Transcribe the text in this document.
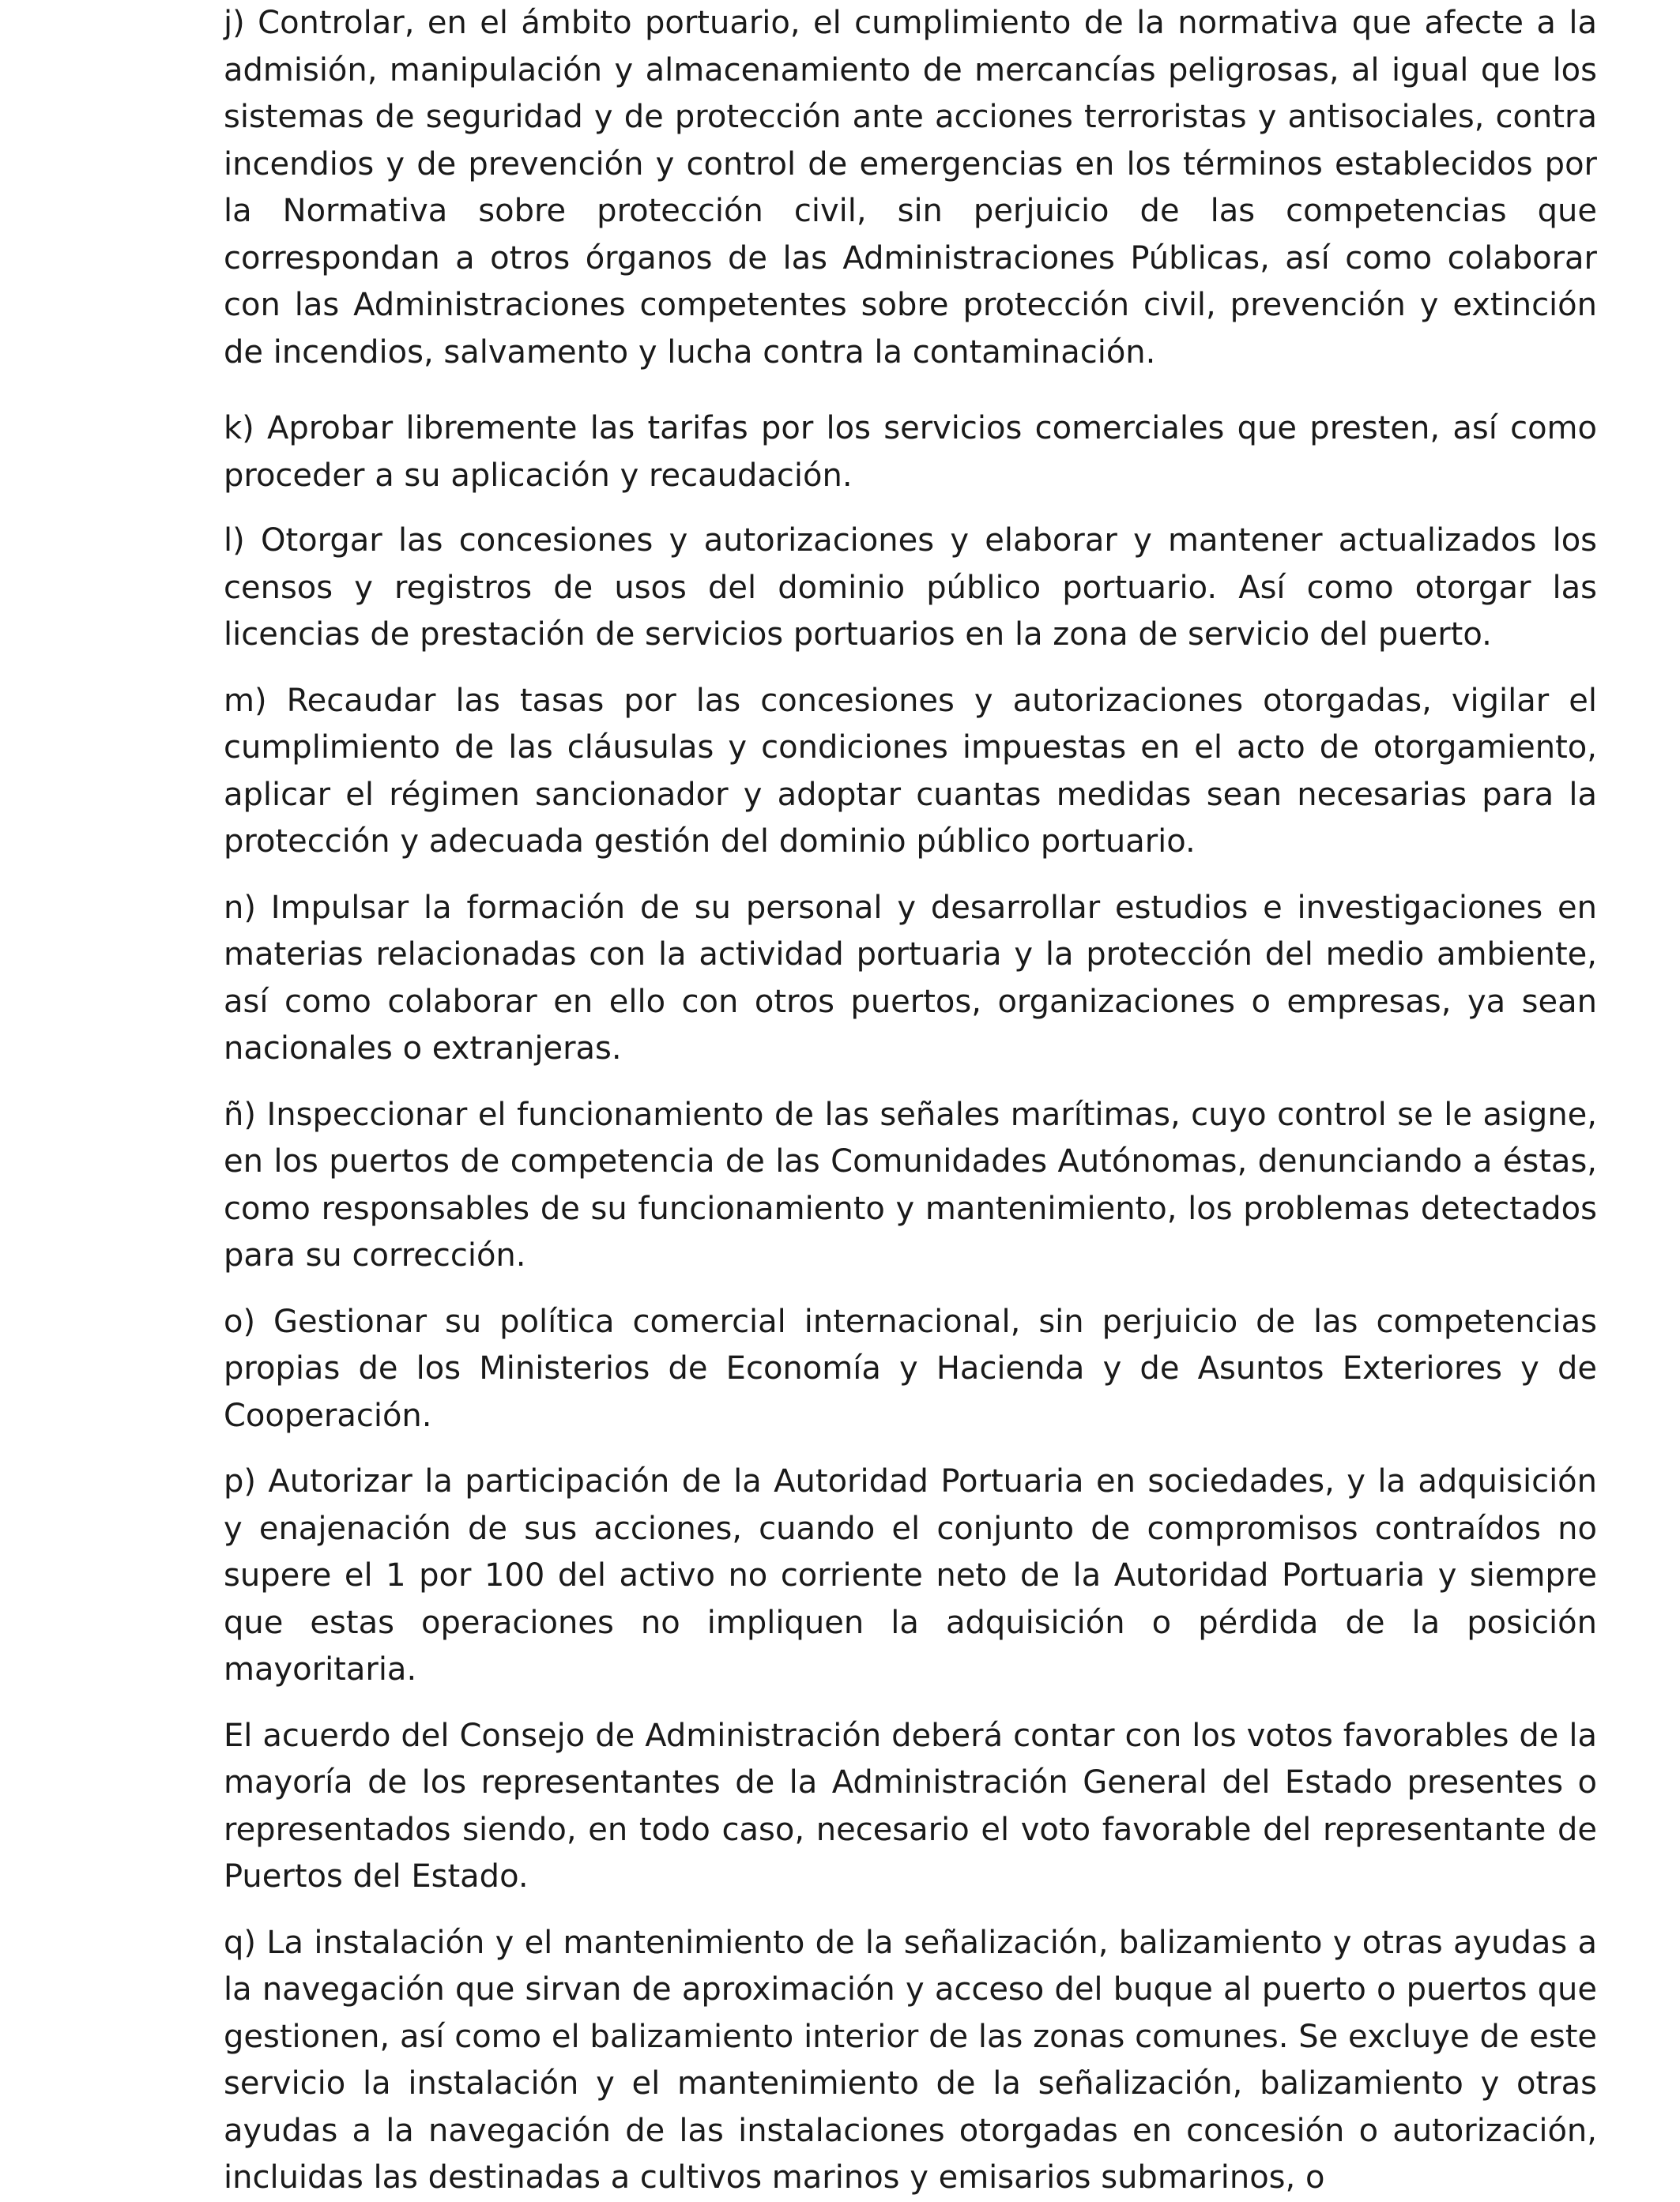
j) Controlar, en el ámbito portuario, el cumplimiento de la normativa que afecte a la admisión, manipulación y almacenamiento de mercancías peligrosas, al igual que los sistemas de seguridad y de protección ante acciones terroristas y antisociales, contra incendios y de prevención y control de emergencias en los términos establecidos por la Normativa sobre protección civil, sin perjuicio de las competencias que correspondan a otros órganos de las Administraciones Públicas, así como colaborar con las Administraciones competentes sobre protección civil, prevención y extinción de incendios, salvamento y lucha contra la contaminación.

k) Aprobar libremente las tarifas por los servicios comerciales que presten, así como proceder a su aplicación y recaudación.

l) Otorgar las concesiones y autorizaciones y elaborar y mantener actualizados los censos y registros de usos del dominio público portuario. Así como otorgar las licencias de prestación de servicios portuarios en la zona de servicio del puerto.

m) Recaudar las tasas por las concesiones y autorizaciones otorgadas, vigilar el cumplimiento de las cláusulas y condiciones impuestas en el acto de otorgamiento, aplicar el régimen sancionador y adoptar cuantas medidas sean necesarias para la protección y adecuada gestión del dominio público portuario.

n) Impulsar la formación de su personal y desarrollar estudios e investigaciones en materias relacionadas con la actividad portuaria y la protección del medio ambiente, así como colaborar en ello con otros puertos, organizaciones o empresas, ya sean nacionales o extranjeras.

ñ) Inspeccionar el funcionamiento de las señales marítimas, cuyo control se le asigne, en los puertos de competencia de las Comunidades Autónomas, denunciando a éstas, como responsables de su funcionamiento y mantenimiento, los problemas detectados para su corrección.

o) Gestionar su política comercial internacional, sin perjuicio de las competencias propias de los Ministerios de Economía y Hacienda y de Asuntos Exteriores y de Cooperación.

p) Autorizar la participación de la Autoridad Portuaria en sociedades, y la adquisición y enajenación de sus acciones, cuando el conjunto de compromisos contraídos no supere el 1 por 100 del activo no corriente neto de la Autoridad Portuaria y siempre que estas operaciones no impliquen la adquisición o pérdida de la posición mayoritaria.

El acuerdo del Consejo de Administración deberá contar con los votos favorables de la mayoría de los representantes de la Administración General del Estado presentes o representados siendo, en todo caso, necesario el voto favorable del representante de Puertos del Estado.

q) La instalación y el mantenimiento de la señalización, balizamiento y otras ayudas a la navegación que sirvan de aproximación y acceso del buque al puerto o puertos que gestionen, así como el balizamiento interior de las zonas comunes. Se excluye de este servicio la instalación y el mantenimiento de la señalización, balizamiento y otras ayudas a la navegación de las instalaciones otorgadas en concesión o autorización, incluidas las destinadas a cultivos marinos y emisarios submarinos, o
